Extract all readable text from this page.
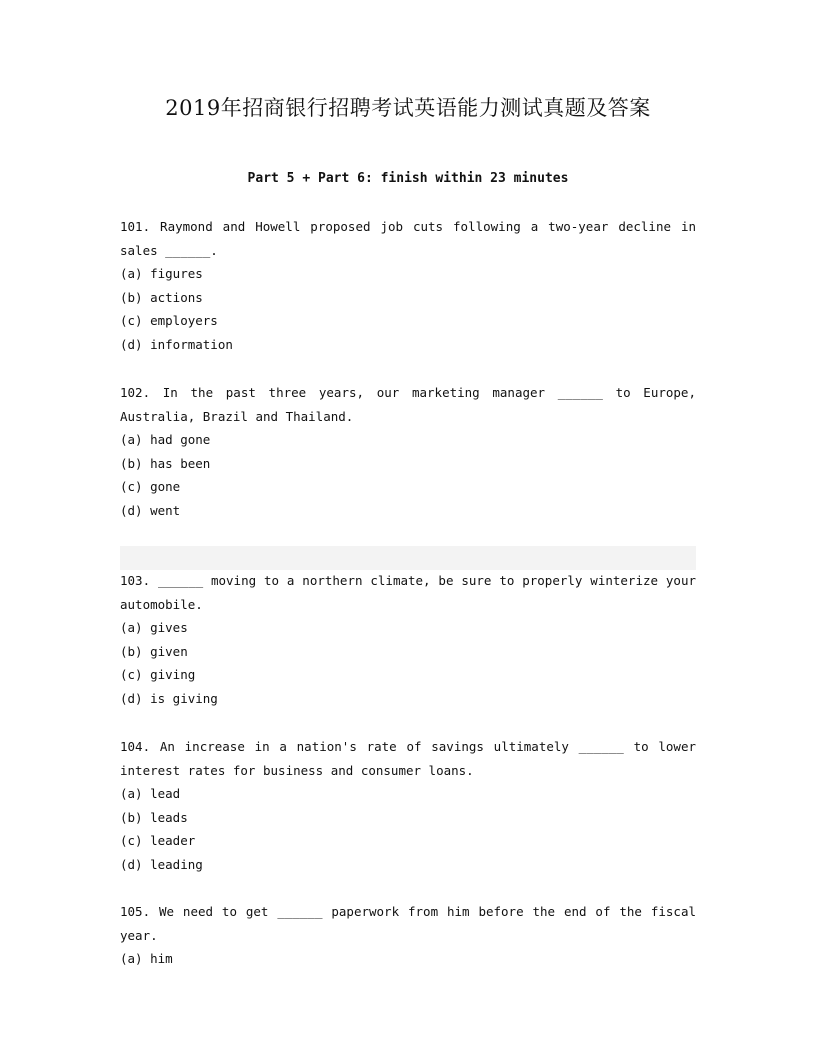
2019年招商银行招聘考试英语能力测试真题及答案
Part 5 + Part 6: finish within 23 minutes
101. Raymond and Howell proposed job cuts following a two-year decline in sales ______.
(a) figures
(b) actions
(c) employers
(d) information
102. In the past three years, our marketing manager ______ to Europe, Australia, Brazil and Thailand.
(a) had gone
(b) has been
(c) gone
(d) went
103. ______ moving to a northern climate, be sure to properly winterize your automobile.
(a) gives
(b) given
(c) giving
(d) is giving
104. An increase in a nation's rate of savings ultimately ______ to lower interest rates for business and consumer loans.
(a) lead
(b) leads
(c) leader
(d) leading
105. We need to get ______ paperwork from him before the end of the fiscal year.
(a) him
